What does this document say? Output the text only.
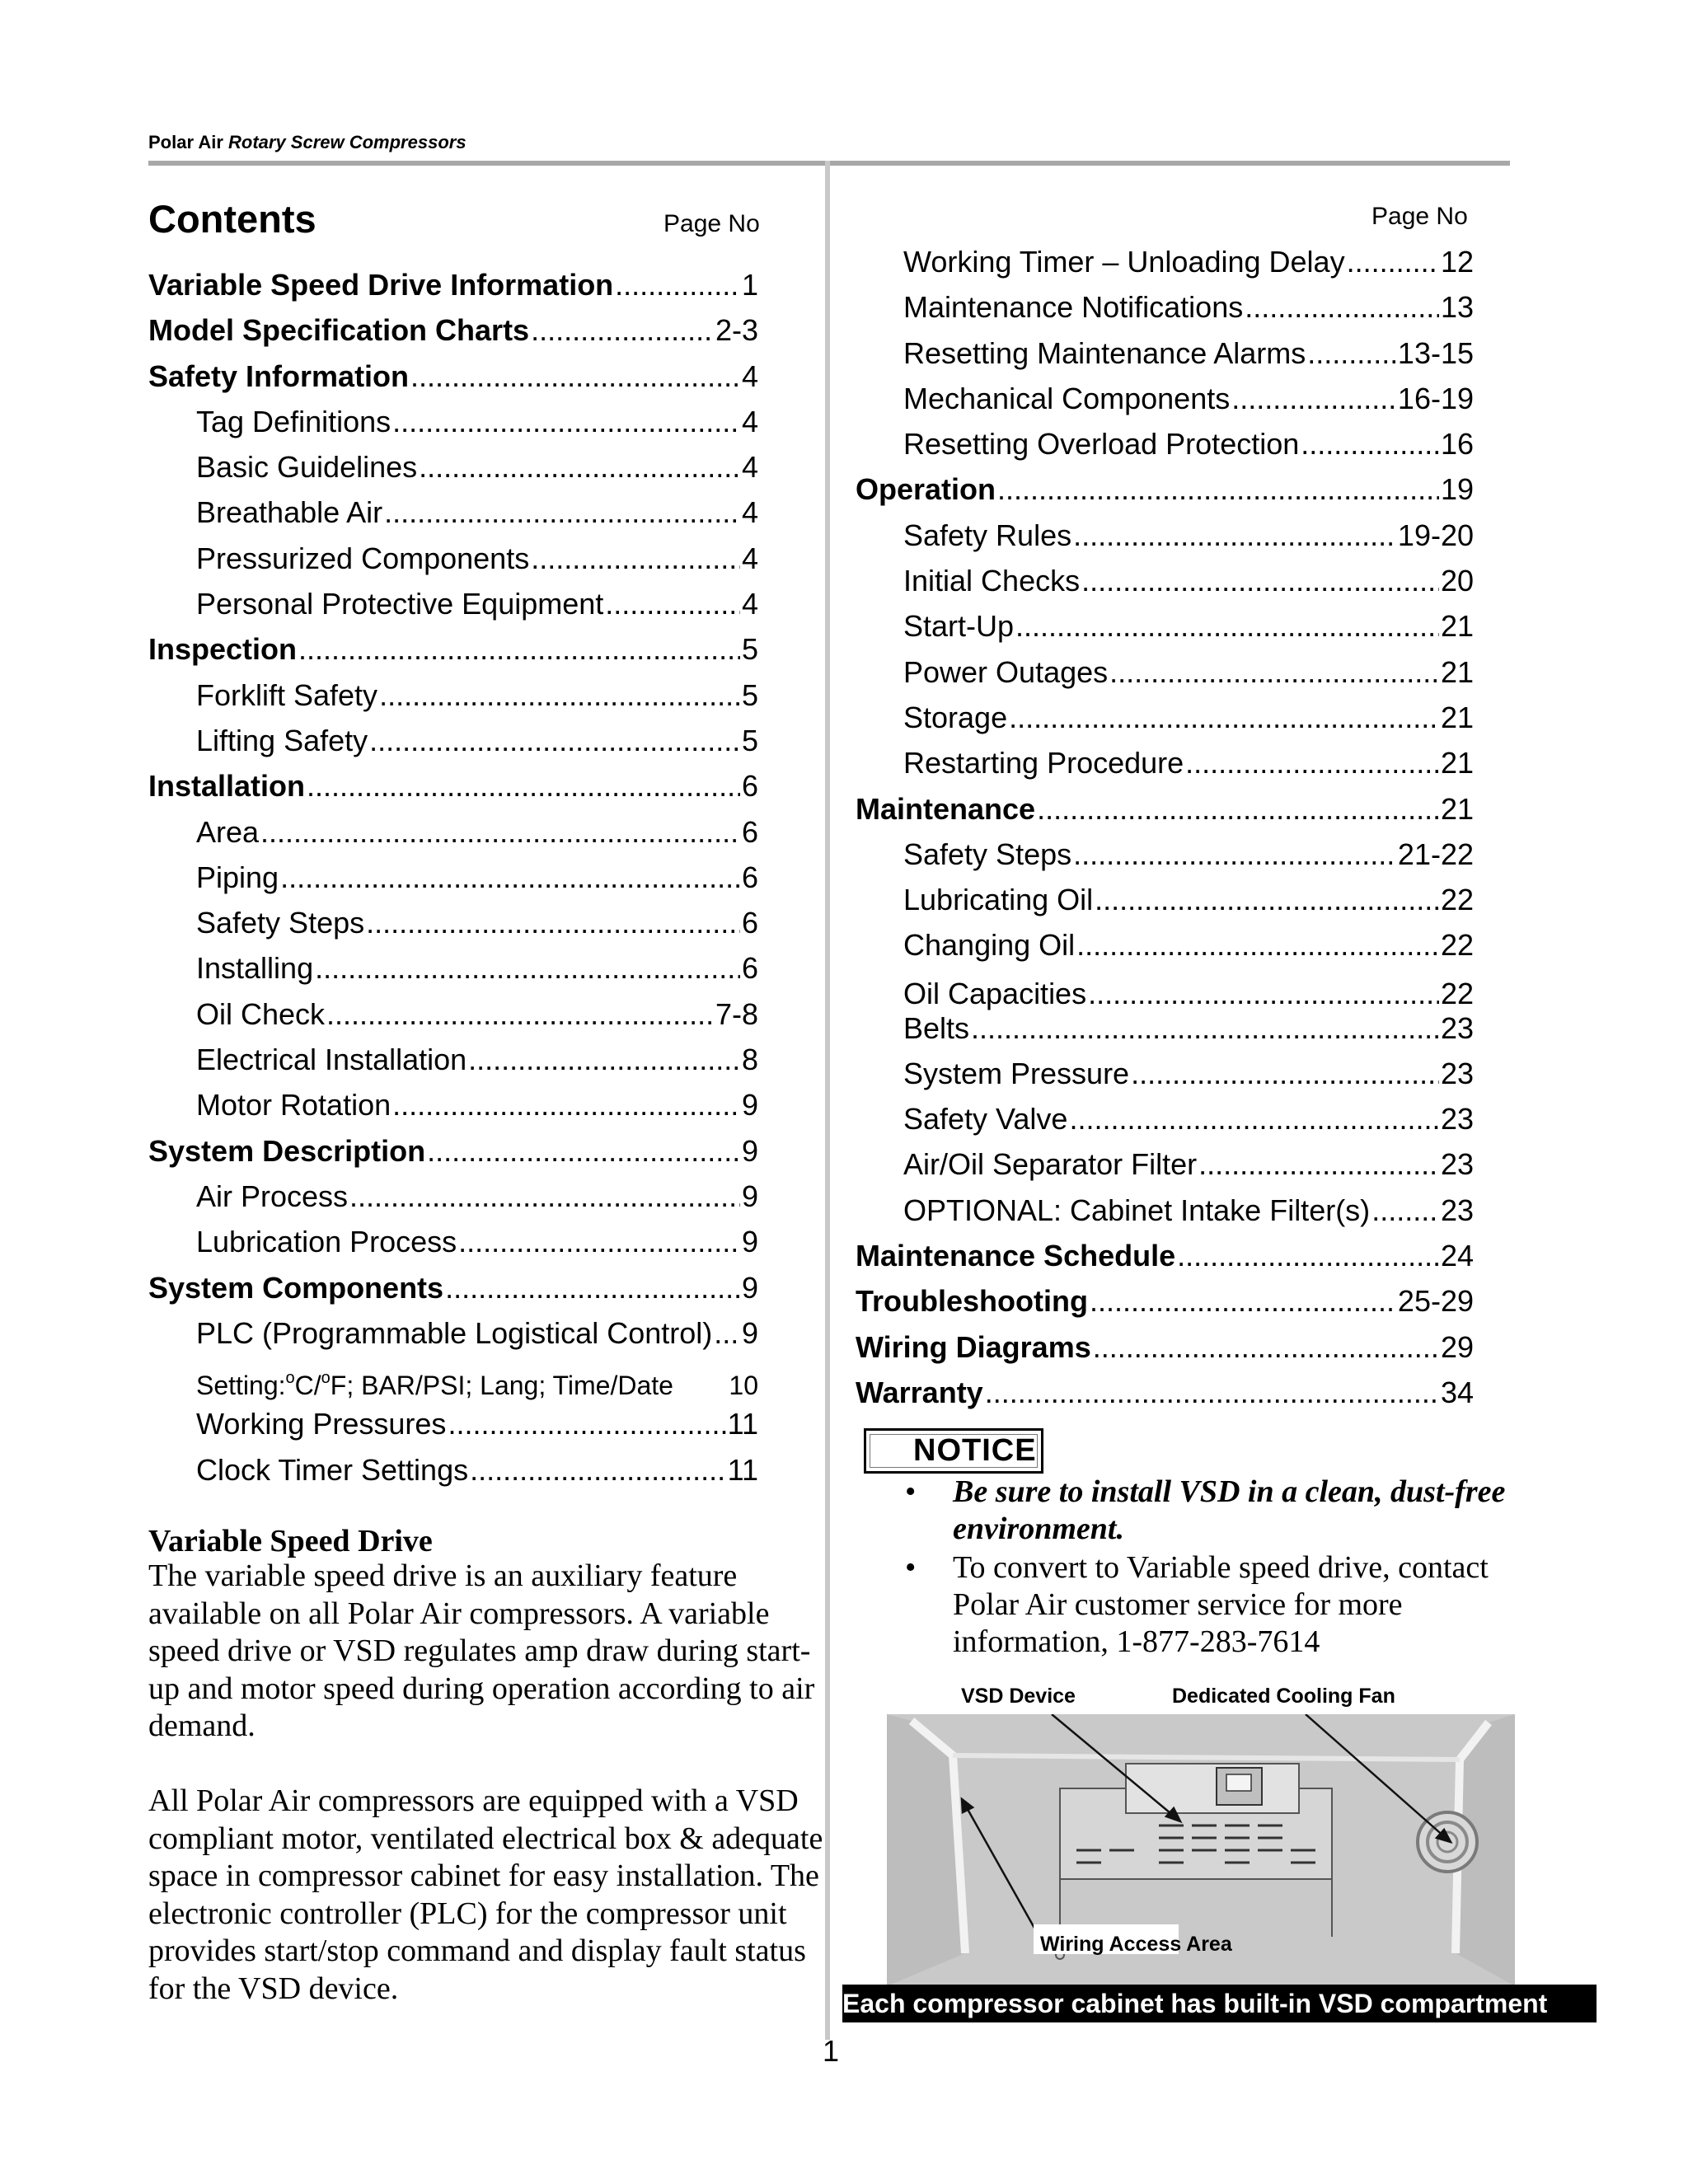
Polar Air Rotary Screw Compressors
Contents	Page No	Page No
Variable Speed Drive Information .....	1
Model Specification Charts .....	2-3
Safety Information .....	4
Tag Definitions .....	4
Basic Guidelines .....	4
Breathable Air .....	4
Pressurized Components .....	4
Personal Protective Equipment .....	4
Inspection .....	5
Forklift Safety .....	5
Lifting Safety .....	5
Installation .....	6
Area .....	6
Piping .....	6
Safety Steps .....	6
Installing .....	6
Oil Check .....	7-8
Electrical Installation .....	8
Motor Rotation .....	9
System Description .....	9
Air Process .....	9
Lubrication Process .....	9
System Components .....	9
PLC (Programmable Logistical Control) ..... 9
Setting:$^o$C/$^o$F; BAR/PSI; Lang; Time/Date 10
Working Pressures .....	11
Clock Timer Settings .....	11
Working Timer – Unloading Delay .....	12
Maintenance Notifications .....	13
Resetting Maintenance Alarms .....	13-15
Mechanical Components .....	16-19
Resetting Overload Protection .....	16
Operation .....	19
Safety Rules .....	19-20
Initial Checks .....	20
Start-Up .....	21
Power Outages .....	21
Storage .....	21
Restarting Procedure .....	21
Maintenance .....	21
Safety Steps .....	21-22
Lubricating Oil .....	22
Changing Oil .....	22
Oil Capacities .....	22
Belts .....	23
System Pressure .....	23
Safety Valve .....	23
Air/Oil Separator Filter .....	23
OPTIONAL: Cabinet Intake Filter(s) ..... 23
Maintenance Schedule .....	24
Troubleshooting .....	25-29
Wiring Diagrams .....	29
Warranty .....	34
Variable Speed Drive
The variable speed drive is an auxiliary feature available on all Polar Air compressors. A variable speed drive or VSD regulates amp draw during start-up and motor speed during operation according to air demand.
All Polar Air compressors are equipped with a VSD compliant motor, ventilated electrical box & adequate space in compressor cabinet for easy installation. The electronic controller (PLC) for the compressor unit provides start/stop command and display fault status for the VSD device.
NOTICE
• Be sure to install VSD in a clean, dust-free environment.
• To convert to Variable speed drive, contact Polar Air customer service for more information, 1-877-283-7614
VSD Device	Dedicated Cooling Fan
Wiring Access Area
Each compressor cabinet has built-in VSD compartment
1
